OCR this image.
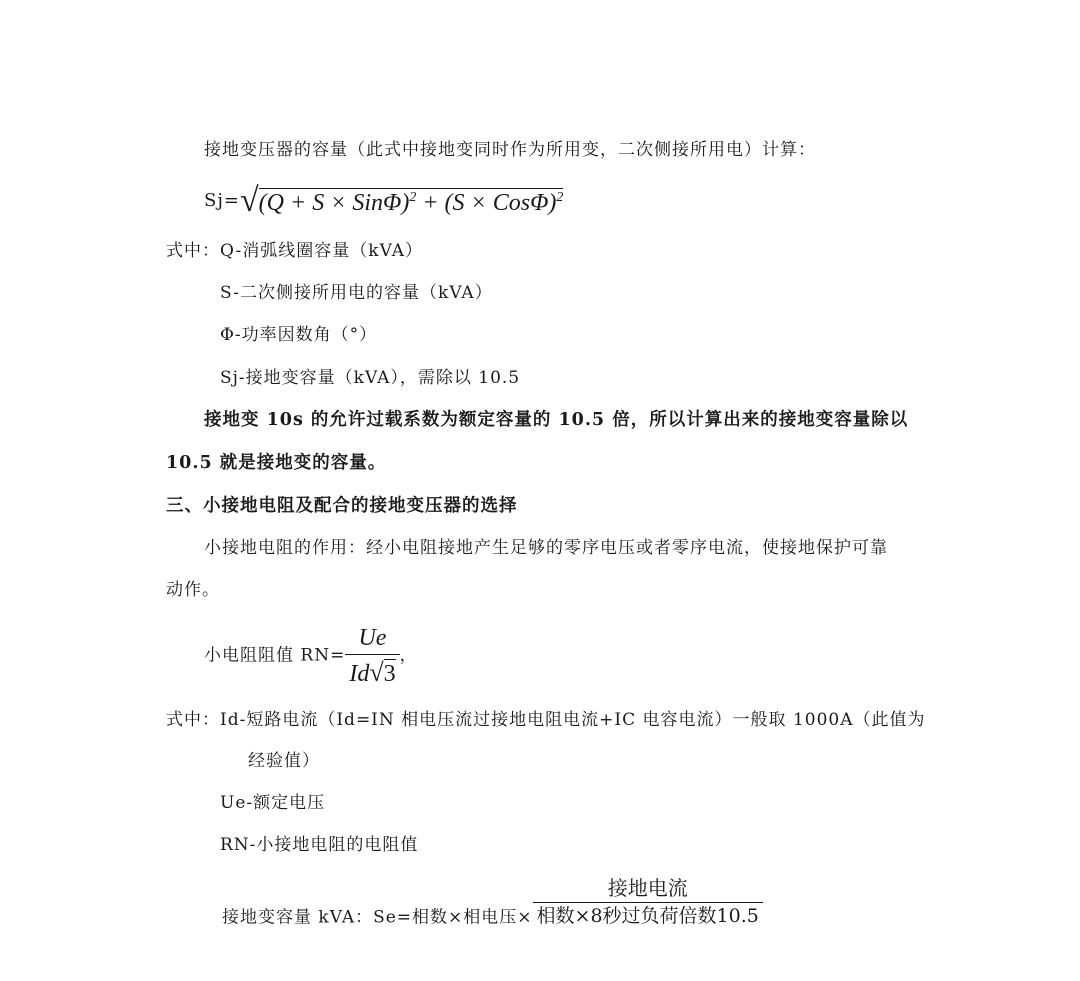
接地变压器的容量（此式中接地变同时作为所用变，二次侧接所用电）计算：
$Sj=√(Q + S \times Sin\Phi)^2 + (S \times Cos\Phi)^2$
式中：Q-消弧线圈容量（kVA）
S-二次侧接所用电的容量（kVA）
Φ-功率因数角（°）
Sj-接地变容量（kVA），需除以 10.5
接地变 10s 的允许过载系数为额定容量的 10.5 倍，所以计算出来的接地变容量除以
10.5 就是接地变的容量。
三、小接地电阻及配合的接地变压器的选择
小接地电阻的作用：经小电阻接地产生足够的零序电压或者零序电流，使接地保护可靠
动作。
小电阻阻值 $RN= \frac{Ue}{Id√3}$ ，
式中：Id-短路电流（Id=IN 相电压流过接地电阻电流+IC 电容电流）一般取 1000A（此值为
经验值）
Ue-额定电压
RN-小接地电阻的电阻值
接地变容量 kVA：Se=相数×相电压× $\frac{\text{接地电流}}{\text{相数×8秒过负荷倍数10.5}}$
